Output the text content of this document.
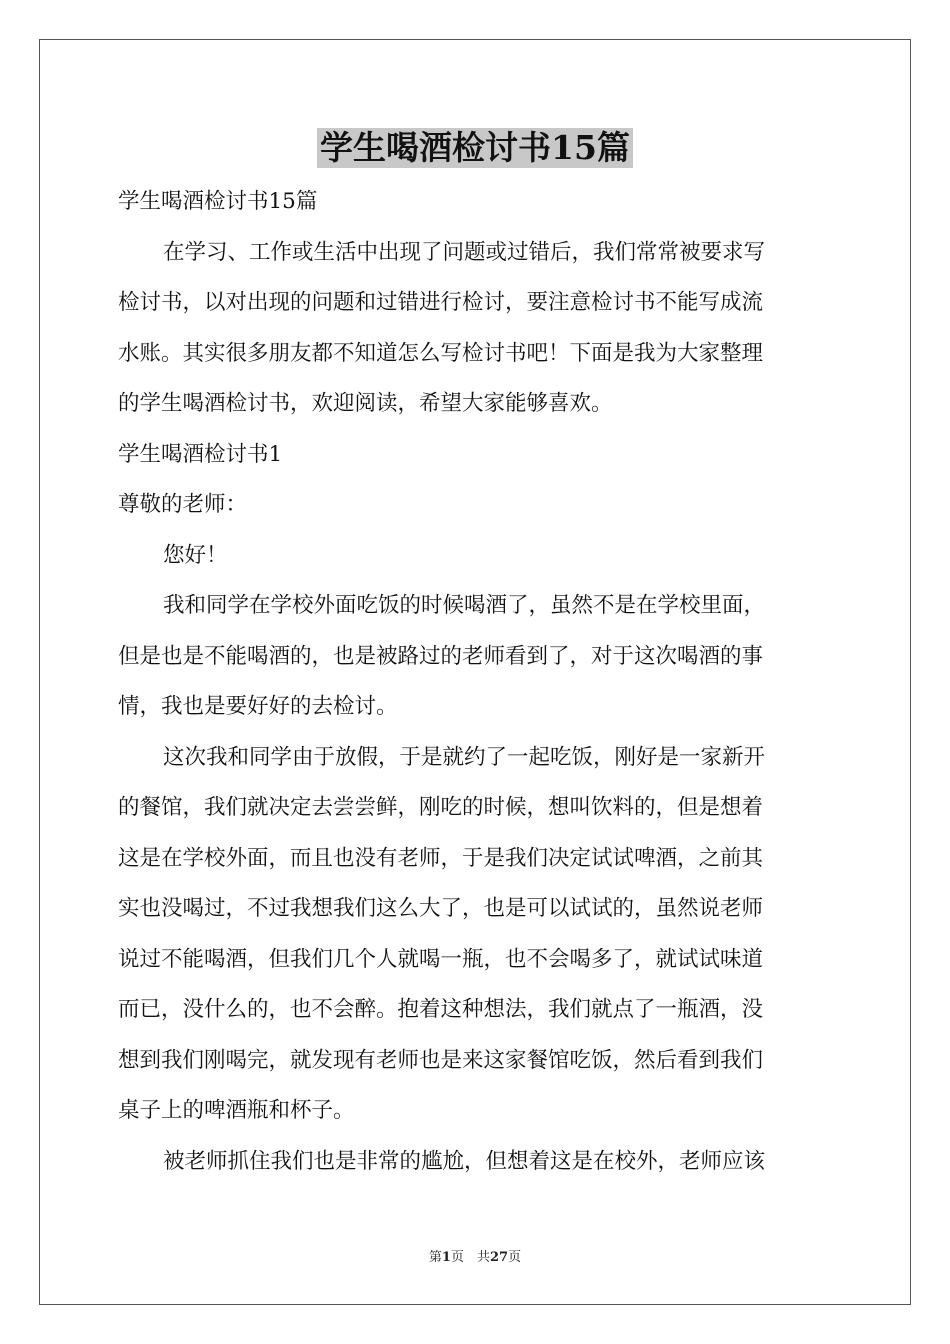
学生喝酒检讨书15篇
学生喝酒检讨书15篇
在学习、工作或生活中出现了问题或过错后，我们常常被要求写
检讨书，以对出现的问题和过错进行检讨，要注意检讨书不能写成流
水账。其实很多朋友都不知道怎么写检讨书吧！下面是我为大家整理
的学生喝酒检讨书，欢迎阅读，希望大家能够喜欢。
学生喝酒检讨书1
尊敬的老师：
您好！
我和同学在学校外面吃饭的时候喝酒了，虽然不是在学校里面，
但是也是不能喝酒的，也是被路过的老师看到了，对于这次喝酒的事
情，我也是要好好的去检讨。
这次我和同学由于放假，于是就约了一起吃饭，刚好是一家新开
的餐馆，我们就决定去尝尝鲜，刚吃的时候，想叫饮料的，但是想着
这是在学校外面，而且也没有老师，于是我们决定试试啤酒，之前其
实也没喝过，不过我想我们这么大了，也是可以试试的，虽然说老师
说过不能喝酒，但我们几个人就喝一瓶，也不会喝多了，就试试味道
而已，没什么的，也不会醉。抱着这种想法，我们就点了一瓶酒，没
想到我们刚喝完，就发现有老师也是来这家餐馆吃饭，然后看到我们
桌子上的啤酒瓶和杯子。
被老师抓住我们也是非常的尴尬，但想着这是在校外，老师应该
第1页　共27页
